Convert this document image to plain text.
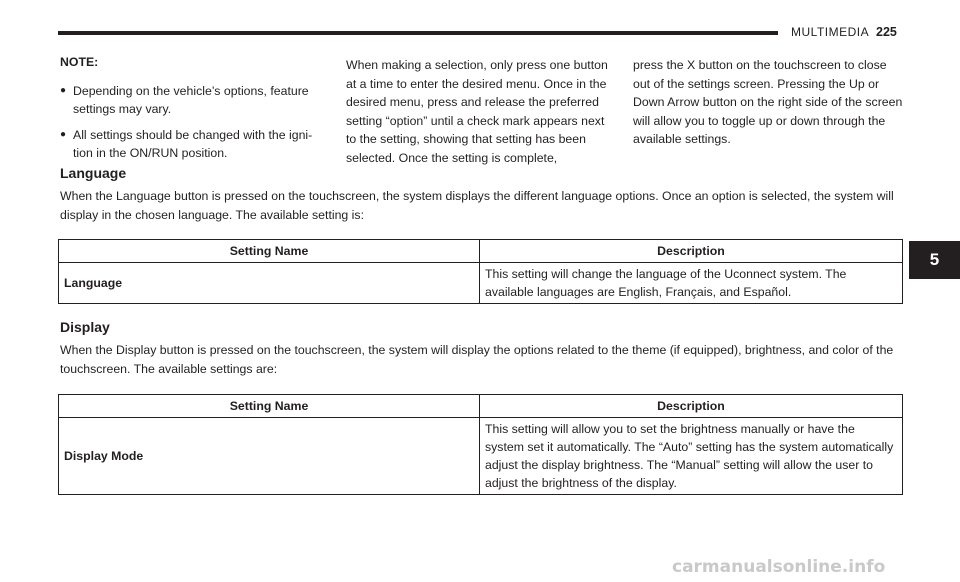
MULTIMEDIA 225
5
NOTE:
● Depending on the vehicle’s options, feature settings may vary.
● All settings should be changed with the igni-tion in the ON/RUN position.
When making a selection, only press one button at a time to enter the desired menu. Once in the desired menu, press and release the preferred setting “option” until a check mark appears next to the setting, showing that setting has been selected. Once the setting is complete,
press the X button on the touchscreen to close out of the settings screen. Pressing the Up or Down Arrow button on the right side of the screen will allow you to toggle up or down through the available settings.
Language
When the Language button is pressed on the touchscreen, the system displays the different language options. Once an option is selected, the system will display in the chosen language. The available setting is:
Setting Name	Description
Language	This setting will change the language of the Uconnect system. The available languages are English, Français, and Español.
Display
When the Display button is pressed on the touchscreen, the system will display the options related to the theme (if equipped), brightness, and color of the touchscreen. The available settings are:
Setting Name	Description
Display Mode	This setting will allow you to set the brightness manually or have the system set it automatically. The “Auto” setting has the system automatically adjust the display brightness. The “Manual” setting will allow the user to adjust the brightness of the display.
carmanualsonline.info
